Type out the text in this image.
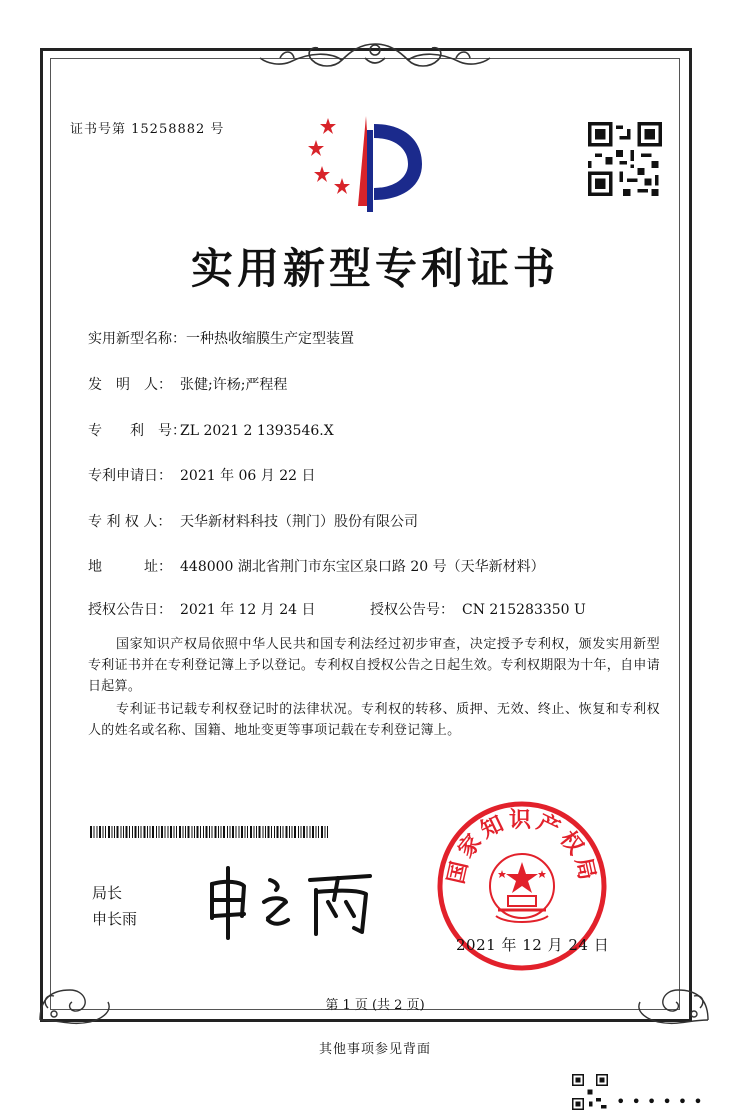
证书号第 15258882 号
实用新型专利证书
实用新型名称：一种热收缩膜生产定型装置
发　明　人： 张健;许杨;严程程
专　　利　号：ZL 2021 2 1393546.X
专利申请日： 2021 年 06 月 22 日
专 利 权 人： 天华新材料科技（荆门）股份有限公司
地　　　址： 448000 湖北省荆门市东宝区泉口路 20 号（天华新材料）
授权公告日： 2021 年 12 月 24 日	授权公告号： CN 215283350 U
国家知识产权局依照中华人民共和国专利法经过初步审查，决定授予专利权，颁发实用新型专利证书并在专利登记簿上予以登记。专利权自授权公告之日起生效。专利权期限为十年，自申请日起算。
专利证书记载专利权登记时的法律状况。专利权的转移、质押、无效、终止、恢复和专利权人的姓名或名称、国籍、地址变更等事项记载在专利登记簿上。
局长
申长雨
国家知识产权局
2021 年 12 月 24 日
第 1 页 (共 2 页)
其他事项参见背面
••••••
